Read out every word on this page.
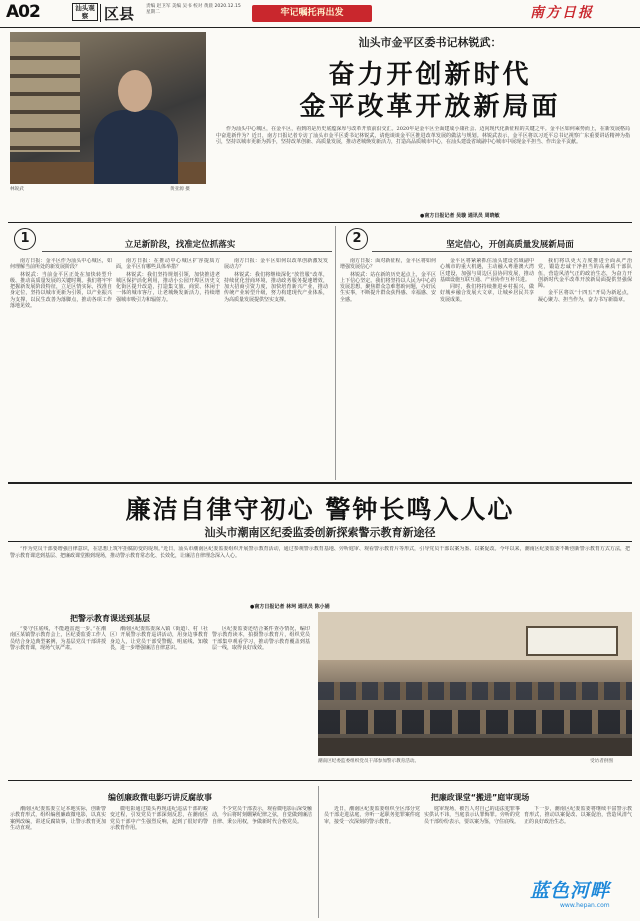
A02	汕头观察	区县	责编 赵卫军 美编 吴书 校对 黄晨 2020.12.15 星期二	牢记嘱托再出发	南方日报
林锐武	黄亚源 摄
汕头市金平区委书记林锐武：
奋力开创新时代
金平改革开放新局面

作为汕头中心城区，在金平区，看到的是历史底蕴深厚与改革开放前沿交汇。2020年是金平区全面建成小康社会、迈向现代化新征程的关键之年。金平区如何乘势而上，在新发展格局中奋进新作为？近日，南方日报记者专访了汕头市金平区委书记林锐武，请他谈谈金平区推进改革发展的做法与规划。林锐武表示，金平区将以习近平总书记视察广东重要讲话精神为指引，坚持以城市更新为抓手，坚持改革创新、高质量发展，推动老城焕发新活力，打造高品质城市中心，在汕头建设省域副中心城市中展现金平担当、作出金平贡献。

●南方日报记者 吴璇 通讯员 周晓敏
1	2
立足新阶段，找准定位抓落实	坚定信心，开创高质量发展新局面

南方日报：金平区作为汕头中心城区，如何理解当前所处的新发展阶段？

林锐武：当前金平区正处在加快转型升级、推动高质量发展的关键时期。我们将牢牢把握新发展阶段特征，立足区情实际，找准自身定位，坚持以城市更新为引领，以产业振兴为支撑，以民生改善为落脚点，推动各项工作落地见效。

南方日报：在推动中心城区扩容提质方面，金平区有哪些具体举措？

林锐武：我们坚持规划引领，加快推进老城区保护活化利用，推动小公园开埠区历史文化街区提升改造，打造集文旅、商贸、休闲于一体的城市客厅，让老城焕发新活力，持续增强城市吸引力和辐射力。

南方日报：金平区如何以改革创新激发发展动力？

林锐武：我们将继续深化“放管服”改革，持续优化营商环境，推动政务服务提速增效，加大招商引资力度，加快培育新兴产业，推动传统产业转型升级，努力构建现代产业体系，为高质量发展提供坚实支撑。

南方日报：面对新征程，金平区将如何增强发展信心？

林锐武：站在新的历史起点上，金平区上下信心坚定。我们将坚持以人民为中心的发展思想，聚焦群众急难愁盼问题，办好民生实事，不断提升群众获得感、幸福感、安全感。

金平区将紧紧抓住汕头建设省域副中心城市的重大机遇，主动融入粤港澳大湾区建设，加强与周边区县协同发展，推动基础设施互联互通、产业协作互补共进。

同时，我们将持续推进乡村振兴，做好城乡融合发展大文章，让城乡居民共享发展成果。

我们将以更大力度推进全面从严治党，锻造忠诚干净担当的高素质干部队伍，营造风清气正的政治生态，为奋力开创新时代金平改革开放新局面提供坚强保障。

金平区将以“十四五”开局为新起点，凝心聚力、担当作为，奋力书写新篇章。

廉洁自律守初心 警钟长鸣入人心
汕头市潮南区纪委监委创新探索警示教育新途径

“作为党员干部要增强自律意识，在思想上筑牢拒腐防变的堤坝。”近日，汕头市潮南区纪委监委组织开展警示教育活动，通过参观警示教育基地、旁听庭审、观看警示教育片等形式，引导党员干部以案为鉴、以案促改。今年以来，潮南区纪委监委不断创新警示教育方式方法，把警示教育课送到基层、把廉政课堂搬到现场，推动警示教育常态化、长效化，让廉洁自律理念深入人心。

●南方日报记者 林珂 通讯员 陈小娟
把警示教育课送到基层

“要守住底线，不能越雷池一步。”在潮南区某镇警示教育会上，区纪委监委工作人员结合身边典型案例，为基层党员干部讲授警示教育课，现场气氛严肃。

潮南区纪委监委深入镇（街道）、村（社区）开展警示教育巡讲活动，用身边事教育身边人，让党员干部受警醒、明底线、知敬畏，进一步增强廉洁自律意识。

区纪委监委还结合案件查办情况，编印警示教育读本，拍摄警示教育片，组织党员干部集中观看学习，推动警示教育覆盖到基层一线，取得良好成效。

潮南区纪委监委组织党员干部参加警示教育活动。	受访者供图
编创廉政微电影巧讲反腐故事	把廉政课堂“搬进”庭审现场

潮南区纪委监委立足本地实际，创新警示教育形式，组织编创廉政微电影，以真实案例改编，讲述反腐故事，让警示教育更加生动直观。

微电影通过镜头再现违纪违法干部的蜕变过程，引发党员干部深刻反思，在潮南区党员干部中产生强烈反响，起到了很好的警示教育作用。

不少党员干部表示，观看微电影后深受触动，今后将时刻绷紧纪律之弦，自觉做到廉洁自律、秉公用权，争做新时代合格党员。

近日，潮南区纪委监委组织全区部分党员干部走进法庭，旁听一起职务犯罪案件庭审，接受一次深刻的警示教育。

庭审现场，被告人对自己的违法犯罪事实供认不讳，当庭表示认罪悔罪。旁听的党员干部纷纷表示，要以案为鉴，守住底线。

下一步，潮南区纪委监委将继续丰富警示教育形式，推动以案促改、以案促治，营造风清气正的良好政治生态。

蓝色河畔
www.hepan.com
